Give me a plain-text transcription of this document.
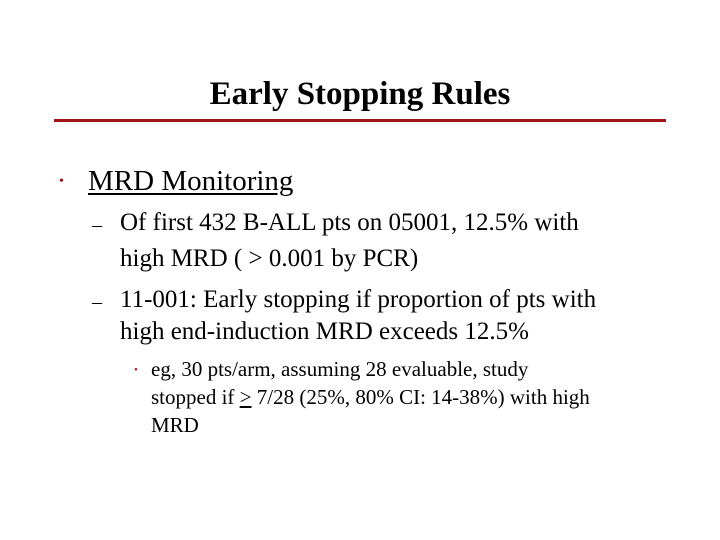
Early Stopping Rules
• MRD Monitoring
– Of first 432 B-ALL pts on 05001, 12.5% with
high MRD ( > 0.001 by PCR)
– 11-001: Early stopping if proportion of pts with
high end-induction MRD exceeds 12.5%
• eg, 30 pts/arm, assuming 28 evaluable, study
stopped if ≥ 7/28 (25%, 80% CI: 14-38%) with high
MRD
